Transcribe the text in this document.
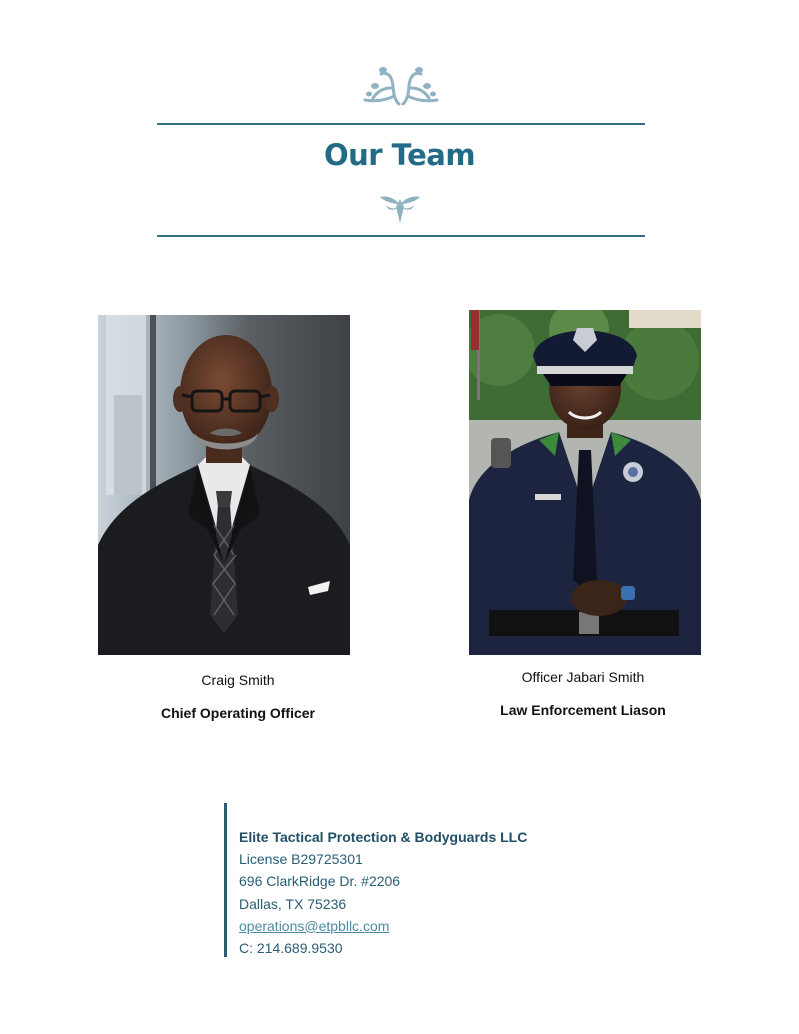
Our Team
Craig Smith
Chief Operating Officer
Officer Jabari Smith
Law Enforcement Liason
Elite Tactical Protection & Bodyguards LLC
License B29725301
696 ClarkRidge Dr. #2206
Dallas, TX 75236
operations@etpbllc.com
C: 214.689.9530
